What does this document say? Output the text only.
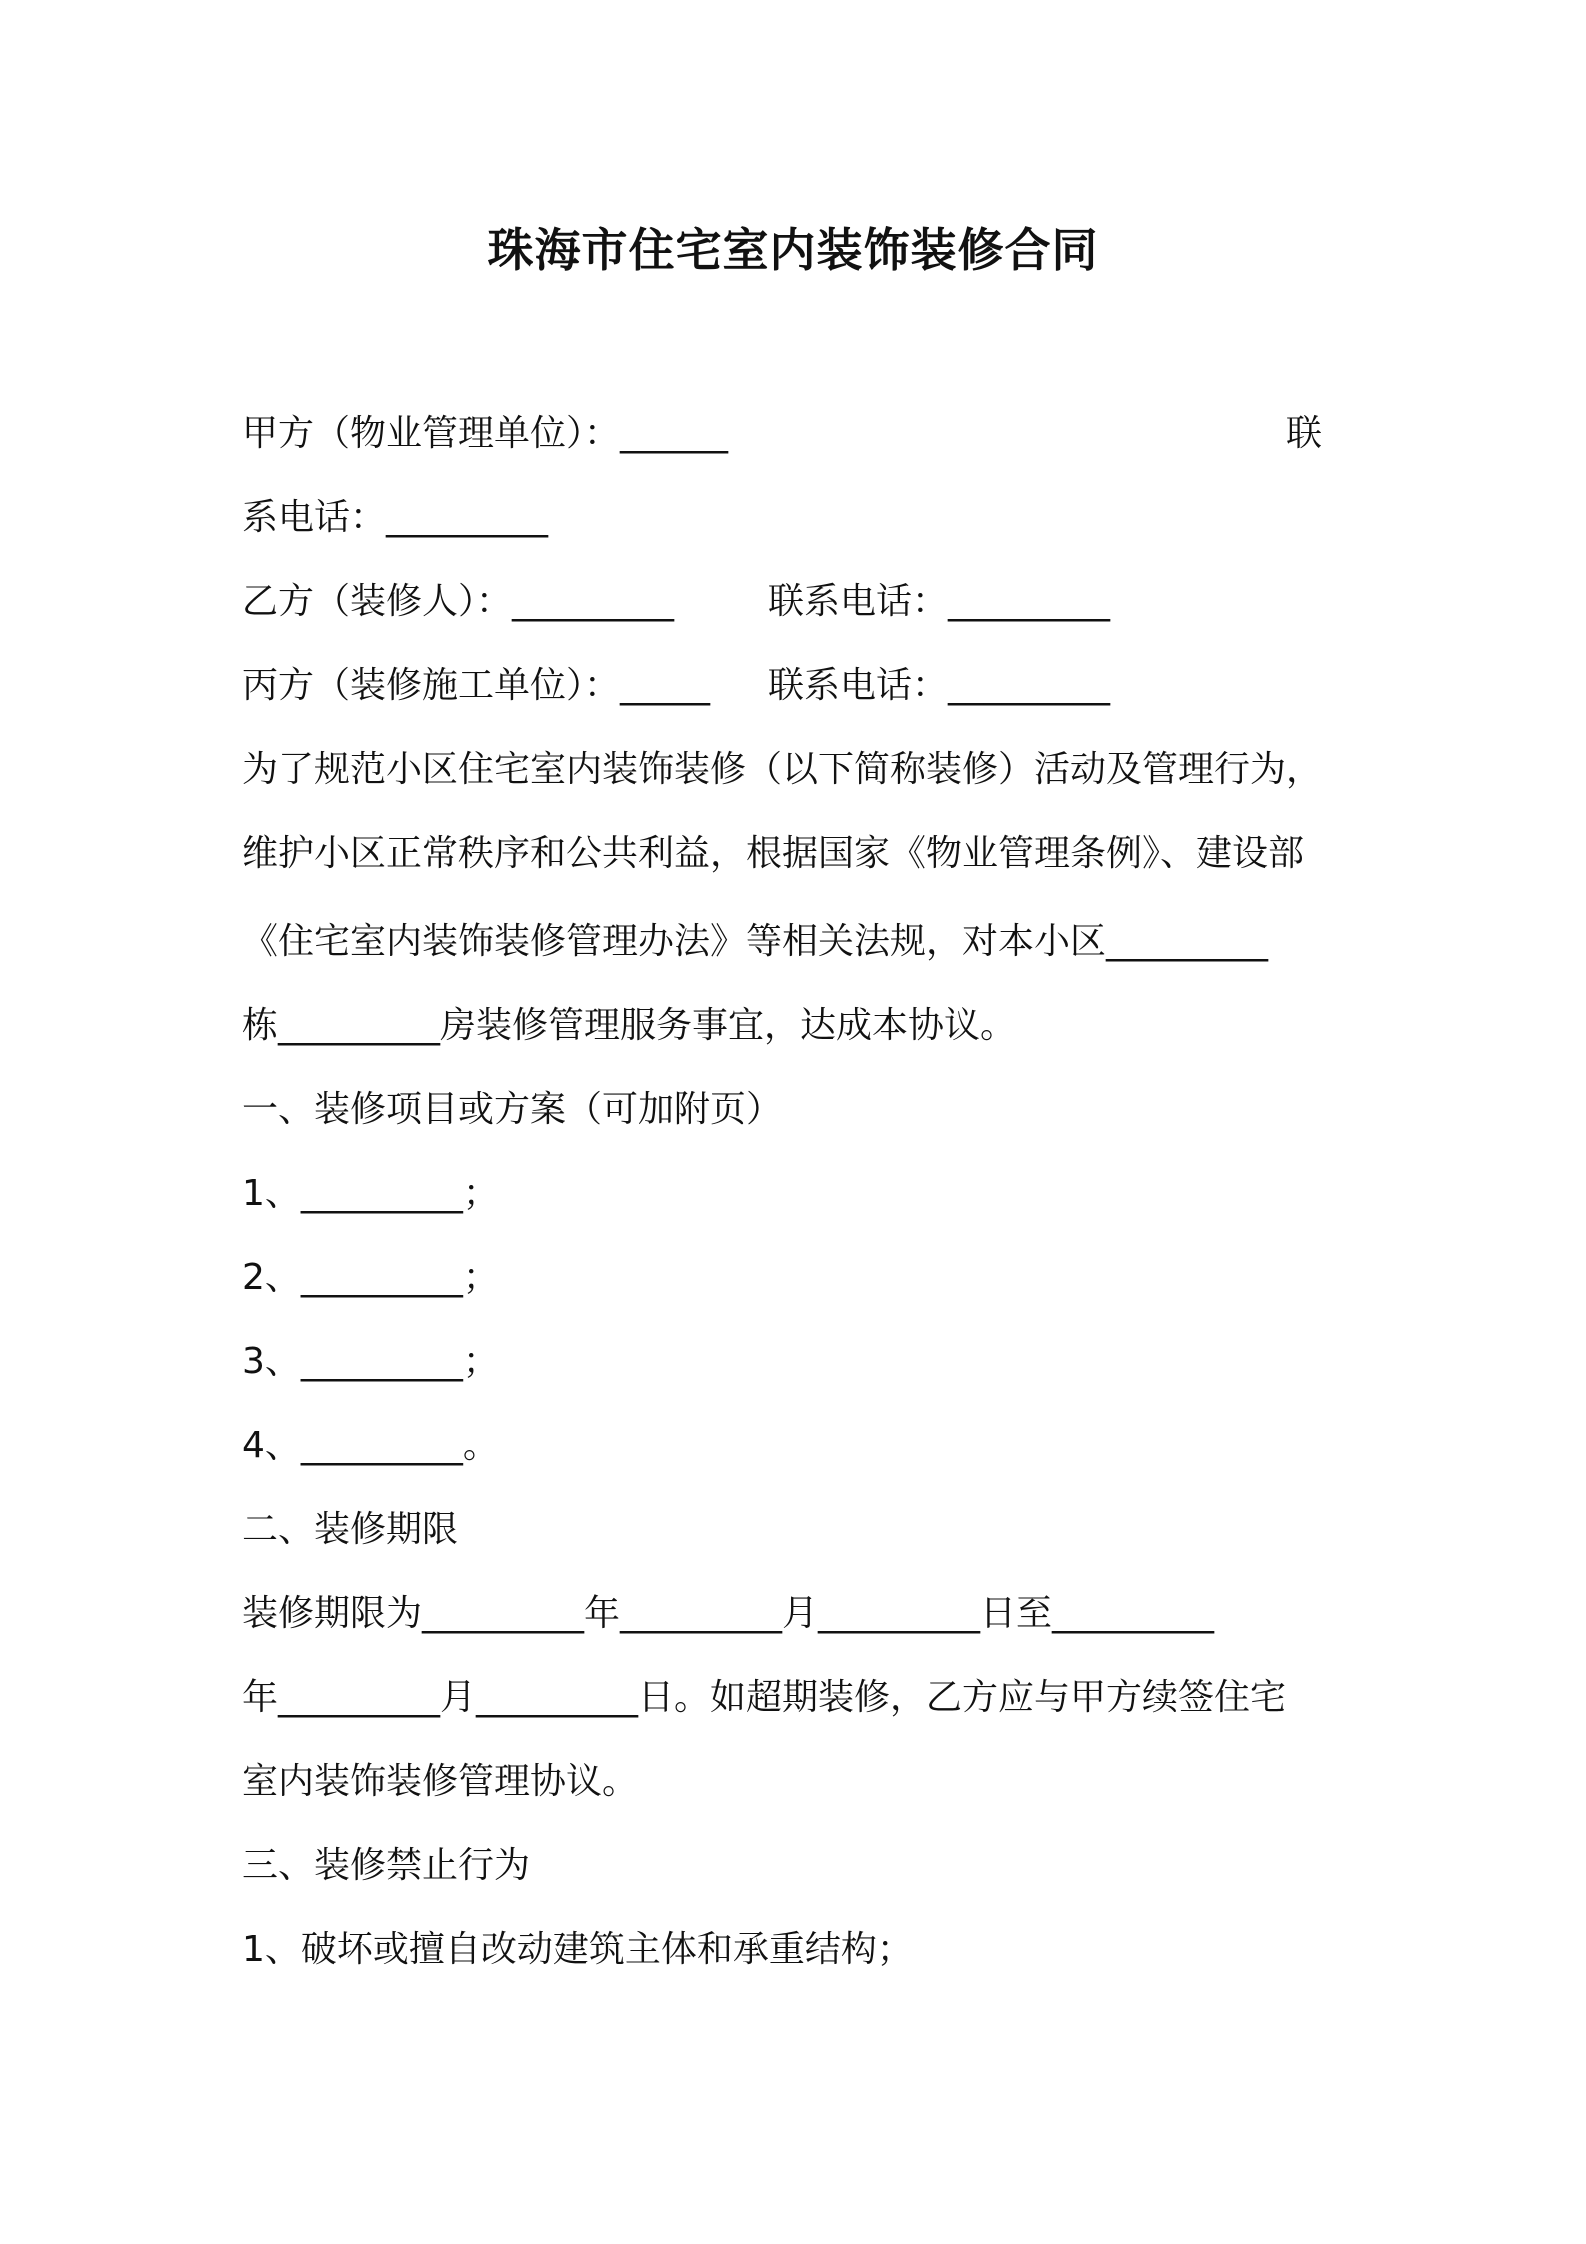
珠海市住宅室内装饰装修合同
甲方（物业管理单位）：______	联
系电话：_________
乙方（装修人）：_________	联系电话：_________
丙方（装修施工单位）：_____ 联系电话：_________
为了规范小区住宅室内装饰装修（以下简称装修）活动及管理行为，
维护小区正常秩序和公共利益，根据国家《物业管理条例》、建设部
《住宅室内装饰装修管理办法》等相关法规，对本小区_________
栋_________房装修管理服务事宜，达成本协议。
一、装修项目或方案（可加附页）
1、_________；
2、_________；
3、_________；
4、_________。
二、装修期限
装修期限为_________年_________月_________日至_________
年_________月_________日。如超期装修，乙方应与甲方续签住宅
室内装饰装修管理协议。
三、装修禁止行为
1、破坏或擅自改动建筑主体和承重结构；
